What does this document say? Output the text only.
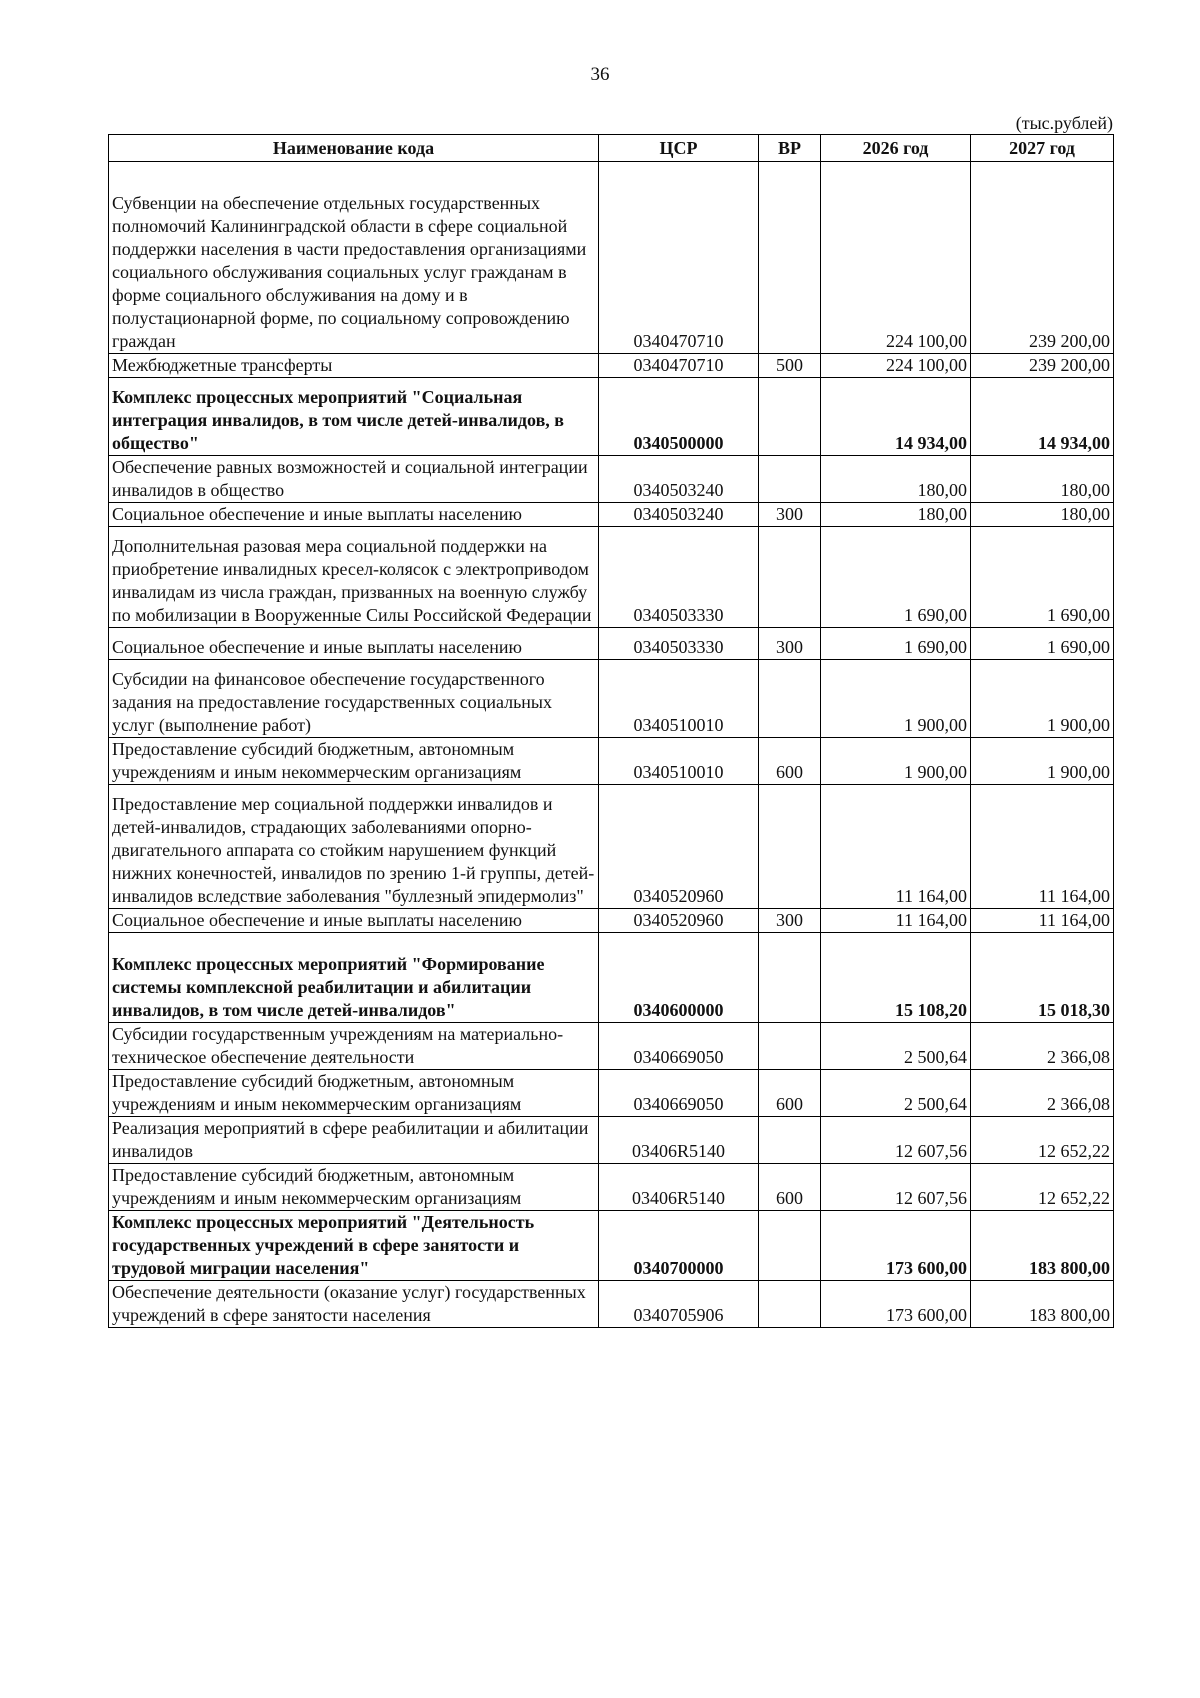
36
(тыс.рублей)
Наименование кода	ЦСР	ВР	2026 год	2027 год
Субвенции на обеспечение отдельных государственных полномочий Калининградской области в сфере социальной поддержки населения в части предоставления организациями социального обслуживания социальных услуг гражданам в форме социального обслуживания на дому и в полустационарной форме, по социальному сопровождению граждан	0340470710		224 100,00	239 200,00
Межбюджетные трансферты	0340470710	500	224 100,00	239 200,00
Комплекс процессных мероприятий "Социальная интеграция инвалидов, в том числе детей-инвалидов, в общество"	0340500000		14 934,00	14 934,00
Обеспечение равных возможностей и социальной интеграции инвалидов в общество	0340503240		180,00	180,00
Социальное обеспечение и иные выплаты населению	0340503240	300	180,00	180,00
Дополнительная разовая мера социальной поддержки на приобретение инвалидных кресел-колясок с электроприводом инвалидам из числа граждан, призванных на военную службу по мобилизации в Вооруженные Силы Российской Федерации	0340503330		1 690,00	1 690,00
Социальное обеспечение и иные выплаты населению	0340503330	300	1 690,00	1 690,00
Субсидии на финансовое обеспечение государственного задания на предоставление государственных социальных услуг (выполнение работ)	0340510010		1 900,00	1 900,00
Предоставление субсидий бюджетным, автономным учреждениям и иным некоммерческим организациям	0340510010	600	1 900,00	1 900,00
Предоставление мер социальной поддержки инвалидов и детей-инвалидов, страдающих заболеваниями опорно-двигательного аппарата со стойким нарушением функций нижних конечностей, инвалидов по зрению 1-й группы, детей-инвалидов вследствие заболевания "буллезный эпидермолиз"	0340520960		11 164,00	11 164,00
Социальное обеспечение и иные выплаты населению	0340520960	300	11 164,00	11 164,00
Комплекс процессных мероприятий "Формирование системы комплексной реабилитации и абилитации инвалидов, в том числе детей-инвалидов"	0340600000		15 108,20	15 018,30
Субсидии государственным учреждениям на материально-техническое обеспечение деятельности	0340669050		2 500,64	2 366,08
Предоставление субсидий бюджетным, автономным учреждениям и иным некоммерческим организациям	0340669050	600	2 500,64	2 366,08
Реализация мероприятий в сфере реабилитации и абилитации инвалидов	03406R5140		12 607,56	12 652,22
Предоставление субсидий бюджетным, автономным учреждениям и иным некоммерческим организациям	03406R5140	600	12 607,56	12 652,22
Комплекс процессных мероприятий "Деятельность государственных учреждений в сфере занятости и трудовой миграции населения"	0340700000		173 600,00	183 800,00
Обеспечение деятельности (оказание услуг) государственных учреждений в сфере занятости населения	0340705906		173 600,00	183 800,00
